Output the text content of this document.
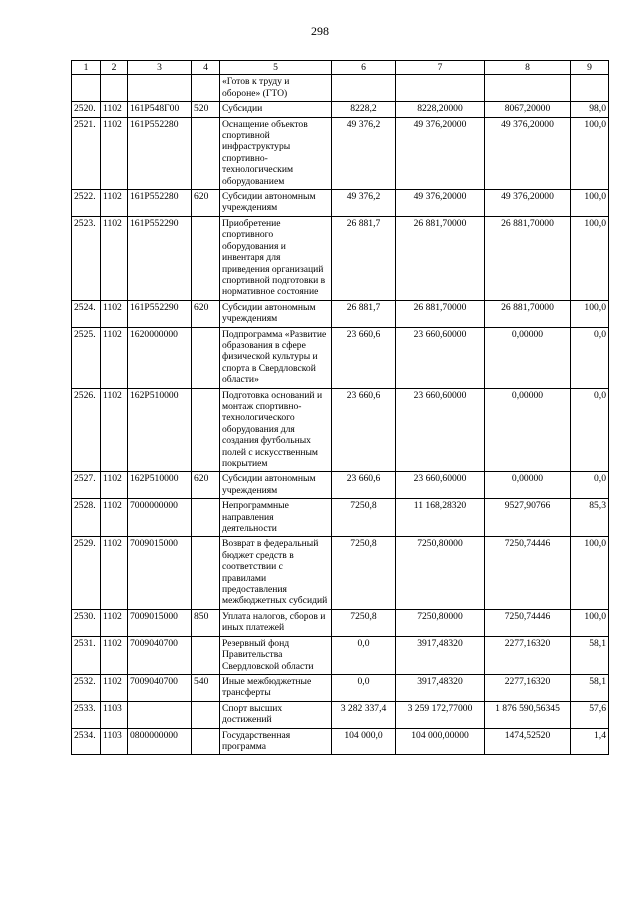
298
1	2	3	4	5	6	7	8	9
				«Готов к труду и обороне» (ГТО)				
2520.	1102	161P548Г00	520	Субсидии	8228,2	8228,20000	8067,20000	98,0
2521.	1102	161P552280		Оснащение объектов спортивной инфраструктуры спортивно-технологическим оборудованием	49 376,2	49 376,20000	49 376,20000	100,0
2522.	1102	161P552280	620	Субсидии автономным учреждениям	49 376,2	49 376,20000	49 376,20000	100,0
2523.	1102	161P552290		Приобретение спортивного оборудования и инвентаря для приведения организаций спортивной подготовки в нормативное состояние	26 881,7	26 881,70000	26 881,70000	100,0
2524.	1102	161P552290	620	Субсидии автономным учреждениям	26 881,7	26 881,70000	26 881,70000	100,0
2525.	1102	1620000000		Подпрограмма «Развитие образования в сфере физической культуры и спорта в Свердловской области»	23 660,6	23 660,60000	0,00000	0,0
2526.	1102	162P510000		Подготовка оснований и монтаж спортивно-технологического оборудования для создания футбольных полей с искусственным покрытием	23 660,6	23 660,60000	0,00000	0,0
2527.	1102	162P510000	620	Субсидии автономным учреждениям	23 660,6	23 660,60000	0,00000	0,0
2528.	1102	7000000000		Непрограммные направления деятельности	7250,8	11 168,28320	9527,90766	85,3
2529.	1102	7009015000		Возврат в федеральный бюджет средств в соответствии с правилами предоставления межбюджетных субсидий	7250,8	7250,80000	7250,74446	100,0
2530.	1102	7009015000	850	Уплата налогов, сборов и иных платежей	7250,8	7250,80000	7250,74446	100,0
2531.	1102	7009040700		Резервный фонд Правительства Свердловской области	0,0	3917,48320	2277,16320	58,1
2532.	1102	7009040700	540	Иные межбюджетные трансферты	0,0	3917,48320	2277,16320	58,1
2533.	1103			Спорт высших достижений	3 282 337,4	3 259 172,77000	1 876 590,56345	57,6
2534.	1103	0800000000		Государственная программа	104 000,0	104 000,00000	1474,52520	1,4
